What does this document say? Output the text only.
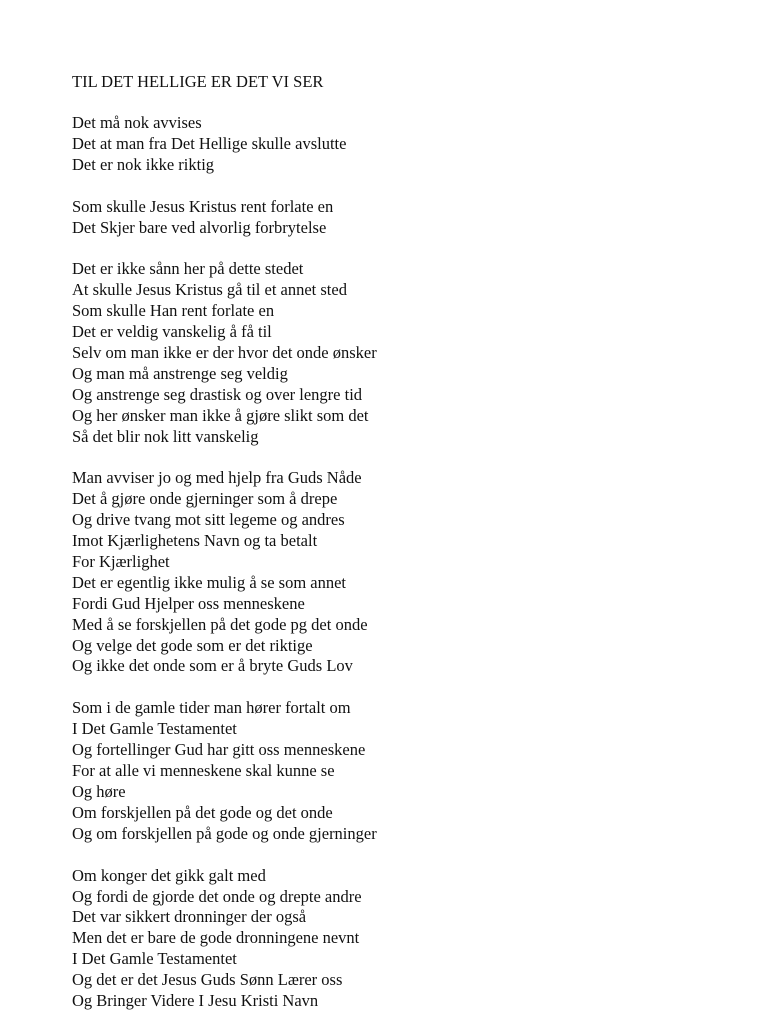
TIL DET HELLIGE ER DET VI SER
Det må nok avvises
Det at man fra Det Hellige skulle avslutte
Det er nok ikke riktig
Som skulle Jesus Kristus rent forlate en
Det Skjer bare ved alvorlig forbrytelse
Det er ikke sånn her på dette stedet
At skulle Jesus Kristus gå til et annet sted
Som skulle Han rent forlate en
Det er veldig vanskelig å få til
Selv om man ikke er der hvor det onde ønsker
Og man må anstrenge seg veldig
Og anstrenge seg drastisk og over lengre tid
Og her ønsker man ikke å gjøre slikt som det
Så det blir nok litt vanskelig
Man avviser jo og med hjelp fra Guds Nåde
Det å gjøre onde gjerninger som å drepe
Og drive tvang mot sitt legeme og andres
Imot Kjærlighetens Navn og ta betalt
For Kjærlighet
Det er egentlig ikke mulig å se som annet
Fordi Gud Hjelper oss menneskene
Med å se forskjellen på det gode pg det onde
Og velge det gode som er det riktige
Og ikke det onde som er å bryte Guds Lov
Som i de gamle tider man hører fortalt om
I Det Gamle Testamentet
Og fortellinger Gud har gitt oss menneskene
For at alle vi menneskene skal kunne se
Og høre
Om forskjellen på det gode og det onde
Og om forskjellen på gode og onde gjerninger
Om konger det gikk galt med
Og fordi de gjorde det onde og drepte andre
Det var sikkert dronninger der også
Men det er bare de gode dronningene nevnt
I Det Gamle Testamentet
Og det er det Jesus Guds Sønn Lærer oss
Og Bringer Videre I Jesu Kristi Navn
